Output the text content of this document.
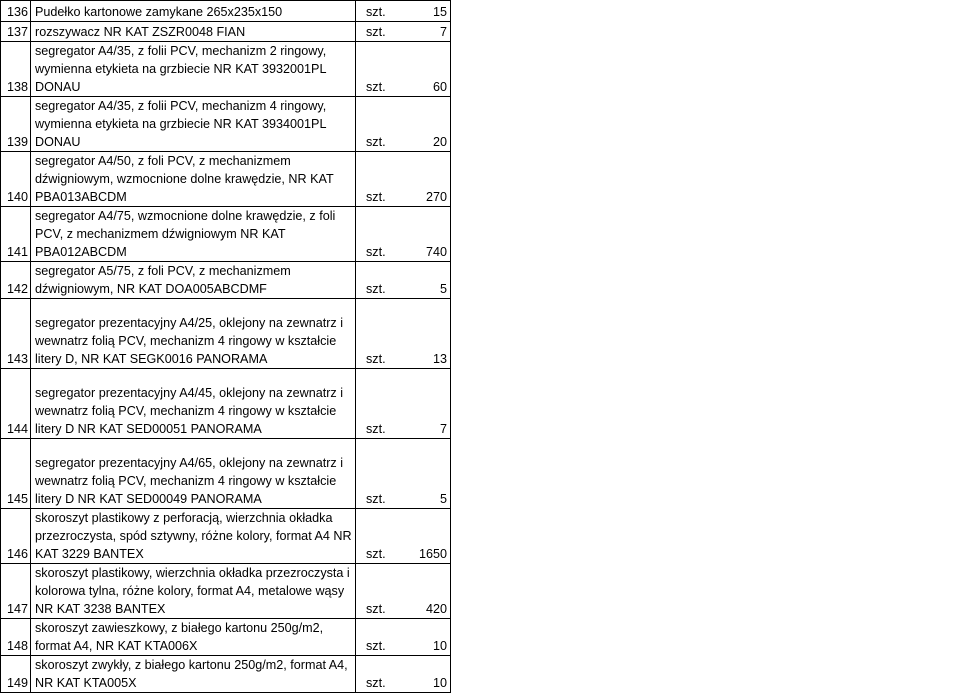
136	Pudełko kartonowe zamykane 265x235x150	szt.	15
137	rozszywacz NR KAT ZSZR0048 FIAN	szt.	7
138	segregator A4/35, z folii PCV, mechanizm 2 ringowy,
wymienna etykieta na grzbiecie NR KAT 3932001PL
DONAU	szt.	60
139	segregator A4/35, z folii PCV, mechanizm 4 ringowy,
wymienna etykieta na grzbiecie NR KAT 3934001PL
DONAU	szt.	20
140	segregator A4/50, z foli PCV, z mechanizmem
dźwigniowym, wzmocnione dolne krawędzie, NR KAT
PBA013ABCDM	szt.	270
141	segregator A4/75, wzmocnione dolne krawędzie, z foli
PCV, z mechanizmem dźwigniowym NR KAT
PBA012ABCDM	szt.	740
142	segregator A5/75, z foli PCV, z mechanizmem
dźwigniowym, NR KAT DOA005ABCDMF	szt.	5
143	segregator prezentacyjny A4/25, oklejony na zewnatrz i
wewnatrz folią PCV, mechanizm 4 ringowy w kształcie
litery D, NR KAT SEGK0016 PANORAMA	szt.	13
144	segregator prezentacyjny A4/45, oklejony na zewnatrz i
wewnatrz folią PCV, mechanizm 4 ringowy w kształcie
litery D NR KAT SED00051 PANORAMA	szt.	7
145	segregator prezentacyjny A4/65, oklejony na zewnatrz i
wewnatrz folią PCV, mechanizm 4 ringowy w kształcie
litery D NR KAT SED00049 PANORAMA	szt.	5
146	skoroszyt plastikowy z perforacją, wierzchnia okładka
przezroczysta, spód sztywny, różne kolory, format A4 NR
KAT 3229 BANTEX	szt.	1650
147	skoroszyt plastikowy, wierzchnia okładka przezroczysta i
kolorowa tylna, różne kolory, format A4, metalowe wąsy
NR KAT 3238 BANTEX	szt.	420
148	skoroszyt zawieszkowy, z białego kartonu 250g/m2,
format A4, NR KAT KTA006X	szt.	10
149	skoroszyt zwykły, z białego kartonu 250g/m2, format A4,
NR KAT KTA005X	szt.	10
